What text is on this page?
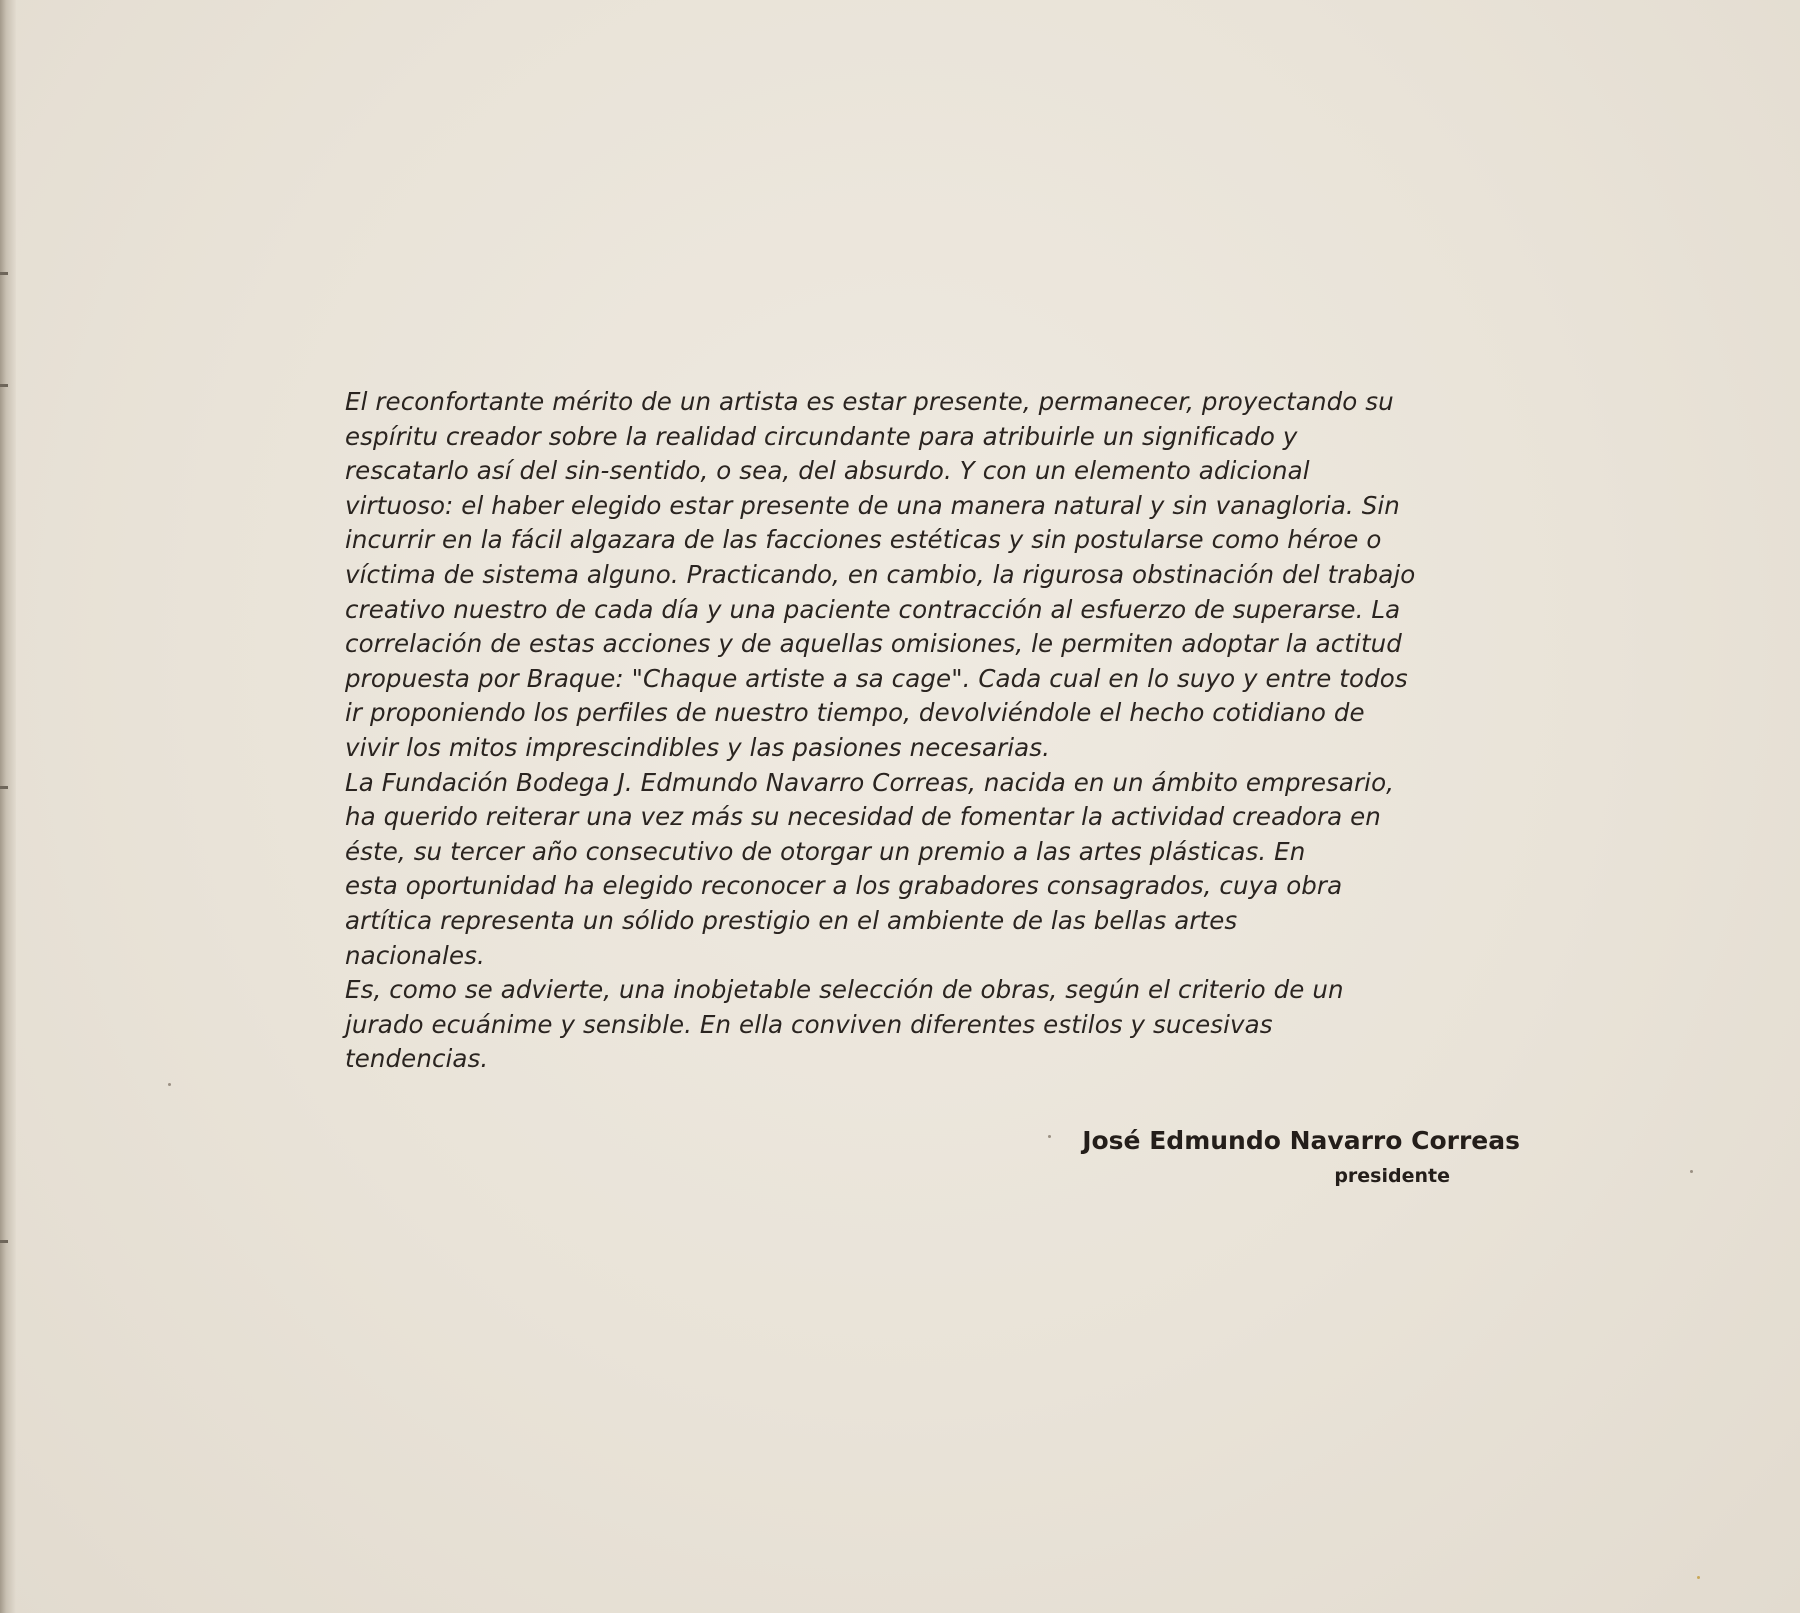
El reconfortante mérito de un artista es estar presente, permanecer, proyectando su
espíritu creador sobre la realidad circundante para atribuirle un significado y
rescatarlo así del sin-sentido, o sea, del absurdo. Y con un elemento adicional
virtuoso: el haber elegido estar presente de una manera natural y sin vanagloria. Sin
incurrir en la fácil algazara de las facciones estéticas y sin postularse como héroe o
víctima de sistema alguno. Practicando, en cambio, la rigurosa obstinación del trabajo
creativo nuestro de cada día y una paciente contracción al esfuerzo de superarse. La
correlación de estas acciones y de aquellas omisiones, le permiten adoptar la actitud
propuesta por Braque: "Chaque artiste a sa cage". Cada cual en lo suyo y entre todos
ir proponiendo los perfiles de nuestro tiempo, devolviéndole el hecho cotidiano de
vivir los mitos imprescindibles y las pasiones necesarias.
La Fundación Bodega J. Edmundo Navarro Correas, nacida en un ámbito empresario,
ha querido reiterar una vez más su necesidad de fomentar la actividad creadora en
éste, su tercer año consecutivo de otorgar un premio a las artes plásticas. En
esta oportunidad ha elegido reconocer a los grabadores consagrados, cuya obra
artítica representa un sólido prestigio en el ambiente de las bellas artes
nacionales.
Es, como se advierte, una inobjetable selección de obras, según el criterio de un
jurado ecuánime y sensible. En ella conviven diferentes estilos y sucesivas
tendencias.
José Edmundo Navarro Correas
presidente
